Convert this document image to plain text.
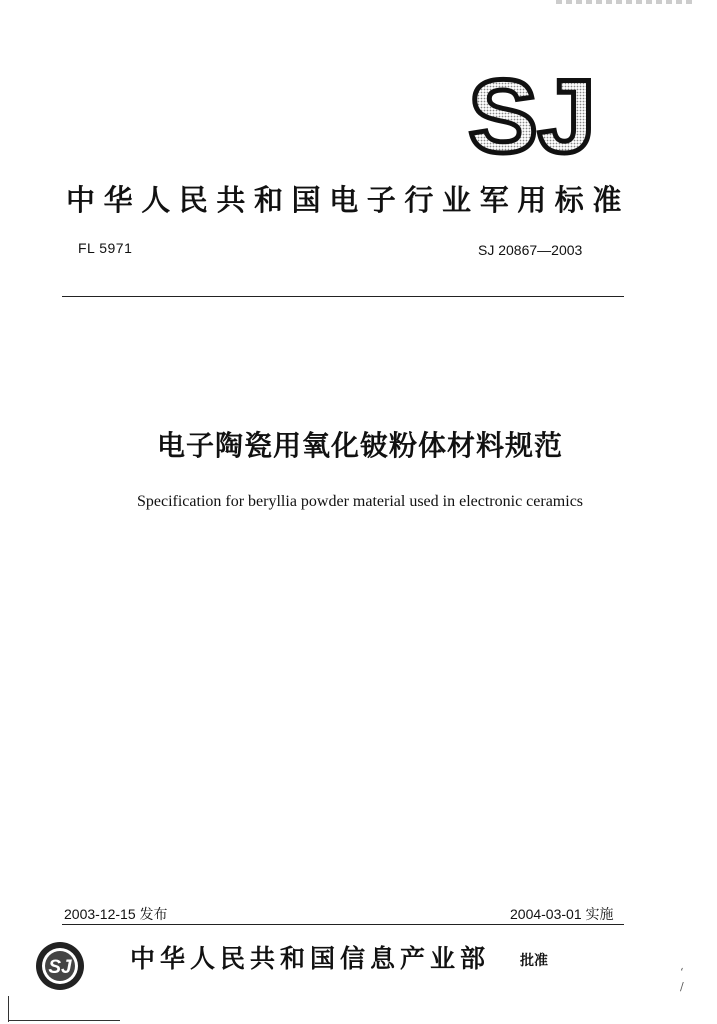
SJ
中华人民共和国电子行业军用标准
FL 5971	SJ 20867—2003
电子陶瓷用氧化铍粉体材料规范
Specification for beryllia powder material used in electronic ceramics
2003-12-15 发布	2004-03-01 实施
SJ 中华人民共和国信息产业部 批准
ʻ
/
